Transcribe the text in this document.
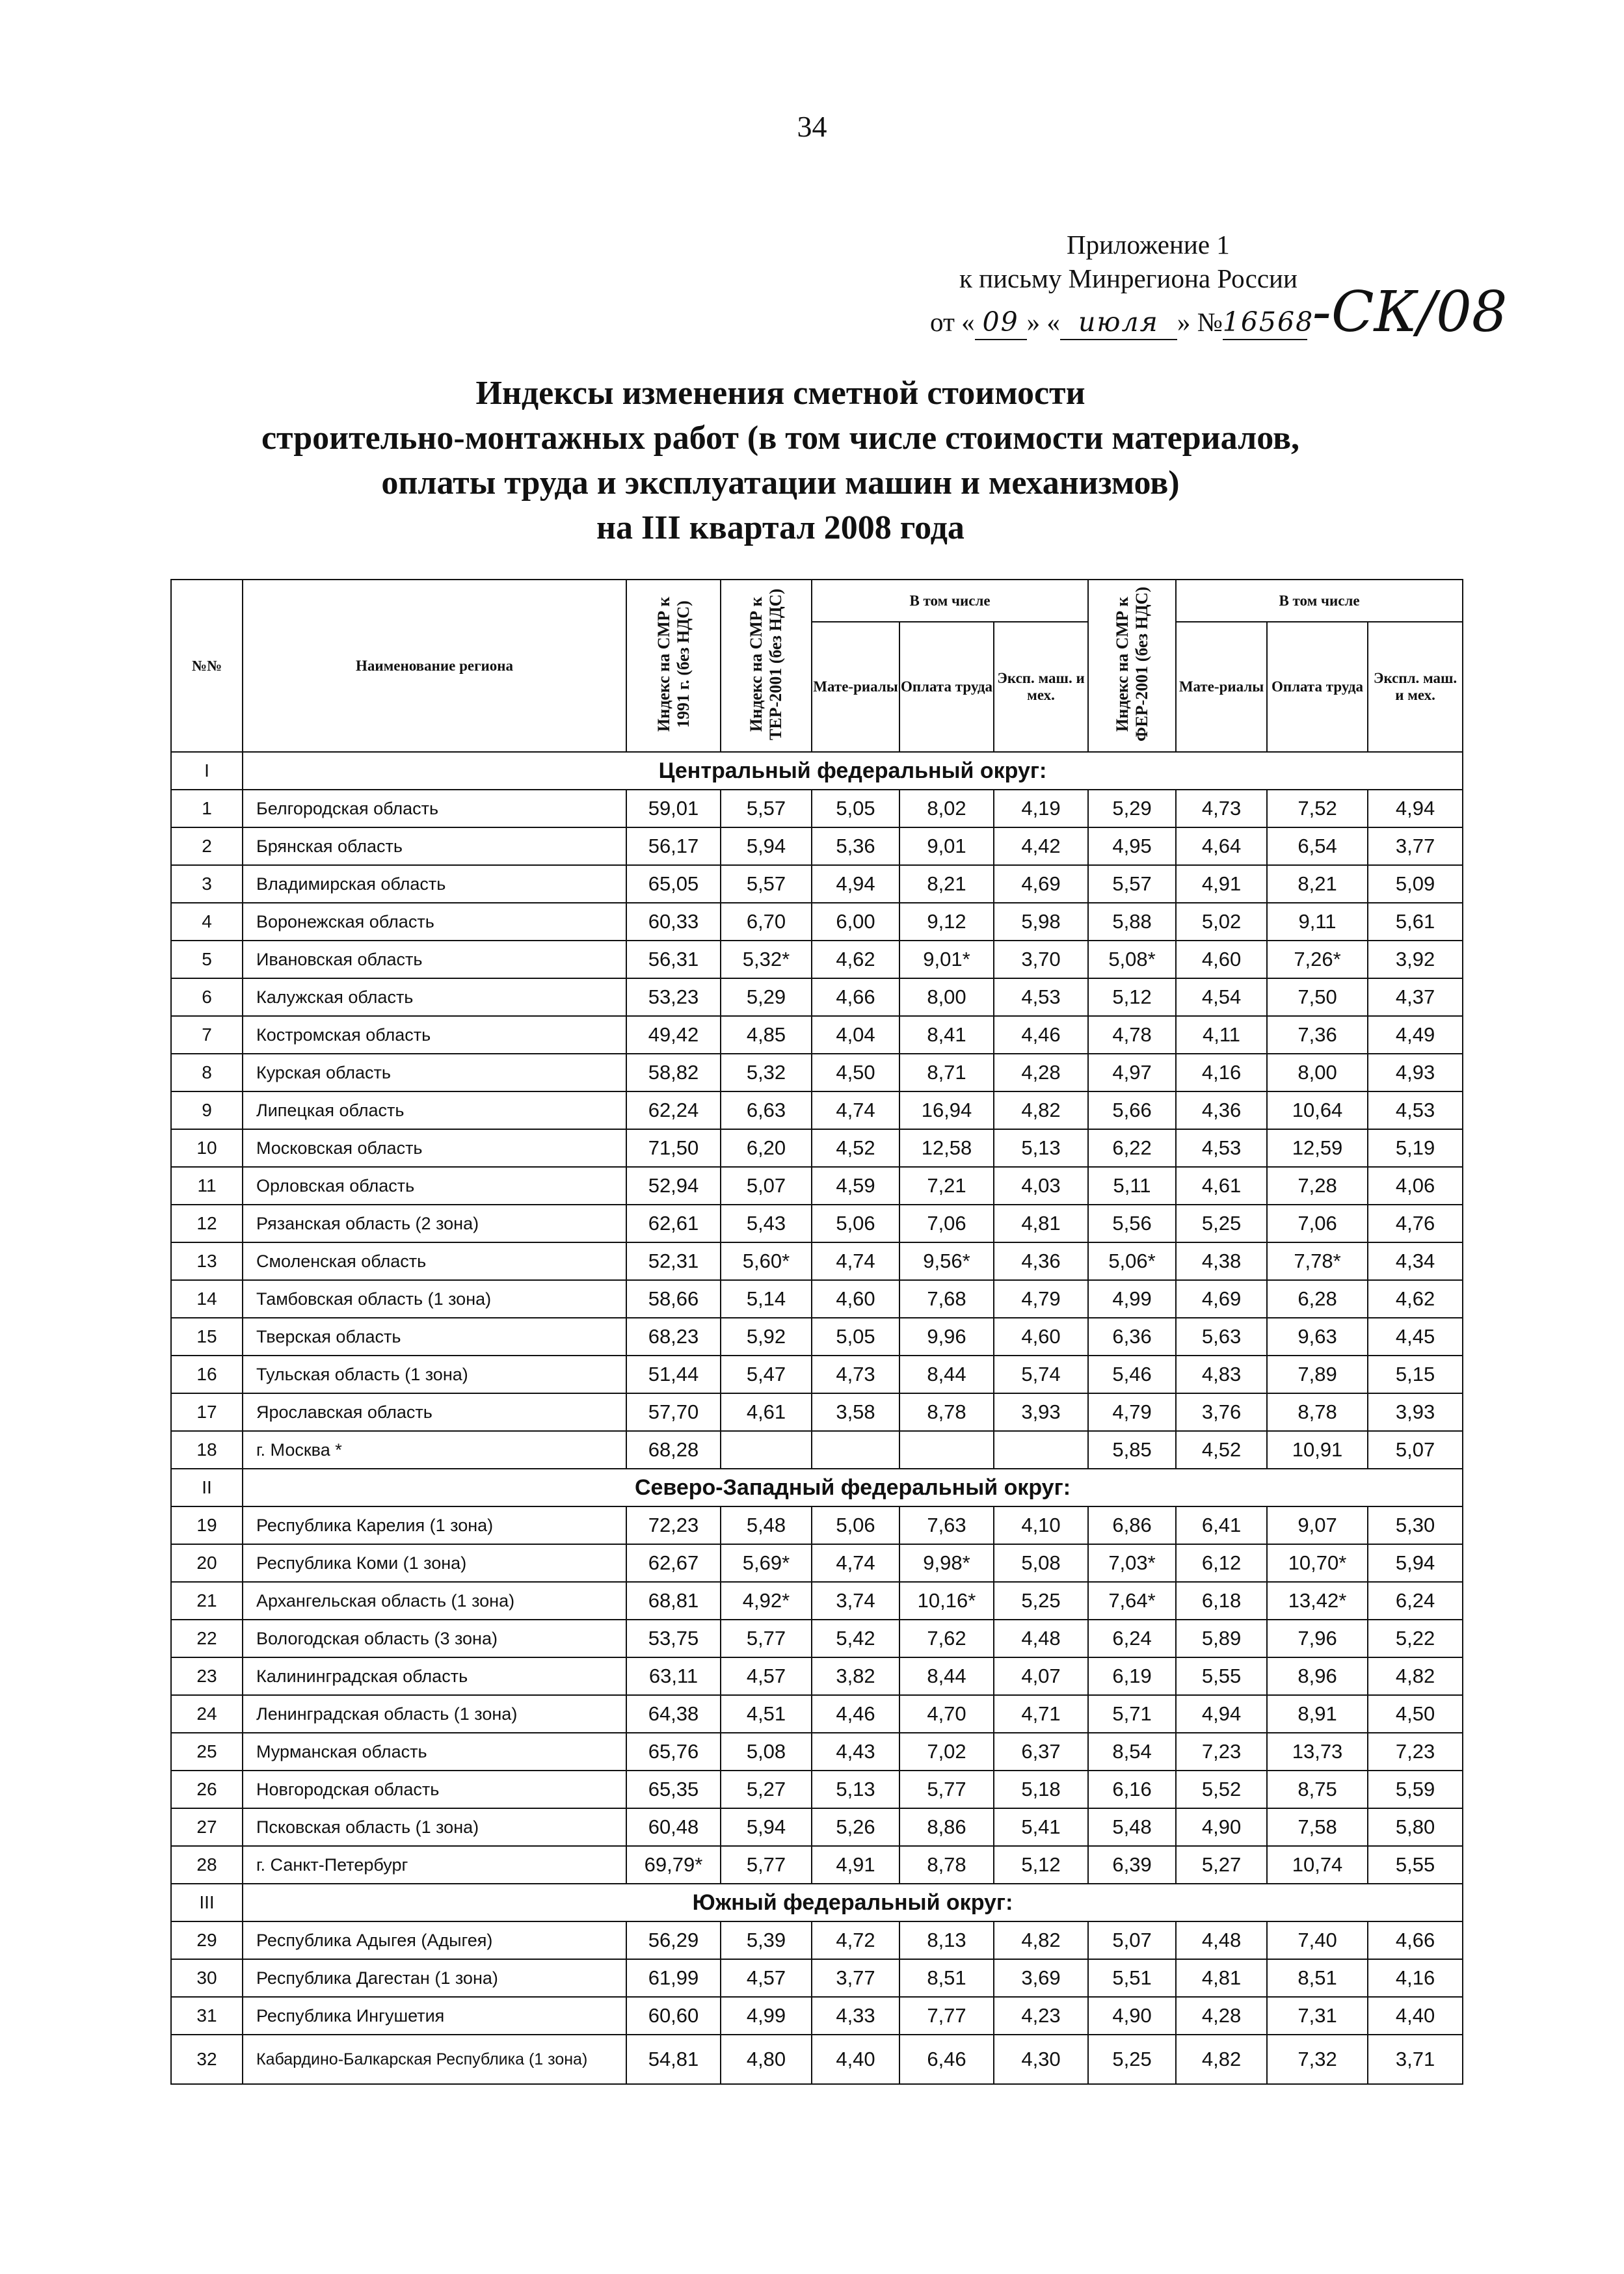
34
Приложение 1
к письму Минрегиона России
от « 09 » « июля » №16568-СК/08
Индексы изменения сметной стоимости
строительно-монтажных работ (в том числе стоимости материалов,
оплаты труда и эксплуатации машин и механизмов)
на III квартал 2008 года
№№	Наименование региона	Индекс на СМР к 1991 г. (без НДС)	Индекс на СМР к ТЕР-2001 (без НДС)	В том числе			Индекс на СМР к ФЕР-2001 (без НДС)	В том числе		
				Мате-риалы	Оплата труда	Эксп. маш. и мех.		Мате-риалы	Оплата труда	Экспл. маш. и мех.
I	Центральный федеральный округ:									
1	Белгородская область	59,01	5,57	5,05	8,02	4,19	5,29	4,73	7,52	4,94
2	Брянская область	56,17	5,94	5,36	9,01	4,42	4,95	4,64	6,54	3,77
3	Владимирская область	65,05	5,57	4,94	8,21	4,69	5,57	4,91	8,21	5,09
4	Воронежская область	60,33	6,70	6,00	9,12	5,98	5,88	5,02	9,11	5,61
5	Ивановская область	56,31	5,32*	4,62	9,01*	3,70	5,08*	4,60	7,26*	3,92
6	Калужская область	53,23	5,29	4,66	8,00	4,53	5,12	4,54	7,50	4,37
7	Костромская область	49,42	4,85	4,04	8,41	4,46	4,78	4,11	7,36	4,49
8	Курская область	58,82	5,32	4,50	8,71	4,28	4,97	4,16	8,00	4,93
9	Липецкая область	62,24	6,63	4,74	16,94	4,82	5,66	4,36	10,64	4,53
10	Московская область	71,50	6,20	4,52	12,58	5,13	6,22	4,53	12,59	5,19
11	Орловская область	52,94	5,07	4,59	7,21	4,03	5,11	4,61	7,28	4,06
12	Рязанская область (2 зона)	62,61	5,43	5,06	7,06	4,81	5,56	5,25	7,06	4,76
13	Смоленская область	52,31	5,60*	4,74	9,56*	4,36	5,06*	4,38	7,78*	4,34
14	Тамбовская область (1 зона)	58,66	5,14	4,60	7,68	4,79	4,99	4,69	6,28	4,62
15	Тверская область	68,23	5,92	5,05	9,96	4,60	6,36	5,63	9,63	4,45
16	Тульская область (1 зона)	51,44	5,47	4,73	8,44	5,74	5,46	4,83	7,89	5,15
17	Ярославская область	57,70	4,61	3,58	8,78	3,93	4,79	3,76	8,78	3,93
18	г. Москва *	68,28					5,85	4,52	10,91	5,07
II	Северо-Западный федеральный округ:									
19	Республика Карелия (1 зона)	72,23	5,48	5,06	7,63	4,10	6,86	6,41	9,07	5,30
20	Республика Коми (1 зона)	62,67	5,69*	4,74	9,98*	5,08	7,03*	6,12	10,70*	5,94
21	Архангельская область (1 зона)	68,81	4,92*	3,74	10,16*	5,25	7,64*	6,18	13,42*	6,24
22	Вологодская область (3 зона)	53,75	5,77	5,42	7,62	4,48	6,24	5,89	7,96	5,22
23	Калининградская область	63,11	4,57	3,82	8,44	4,07	6,19	5,55	8,96	4,82
24	Ленинградская область (1 зона)	64,38	4,51	4,46	4,70	4,71	5,71	4,94	8,91	4,50
25	Мурманская область	65,76	5,08	4,43	7,02	6,37	8,54	7,23	13,73	7,23
26	Новгородская область	65,35	5,27	5,13	5,77	5,18	6,16	5,52	8,75	5,59
27	Псковская область (1 зона)	60,48	5,94	5,26	8,86	5,41	5,48	4,90	7,58	5,80
28	г. Санкт-Петербург	69,79*	5,77	4,91	8,78	5,12	6,39	5,27	10,74	5,55
III	Южный федеральный округ:									
29	Республика Адыгея (Адыгея)	56,29	5,39	4,72	8,13	4,82	5,07	4,48	7,40	4,66
30	Республика Дагестан (1 зона)	61,99	4,57	3,77	8,51	3,69	5,51	4,81	8,51	4,16
31	Республика Ингушетия	60,60	4,99	4,33	7,77	4,23	4,90	4,28	7,31	4,40
32	Кабардино-Балкарская Республика (1 зона)	54,81	4,80	4,40	6,46	4,30	5,25	4,82	7,32	3,71
